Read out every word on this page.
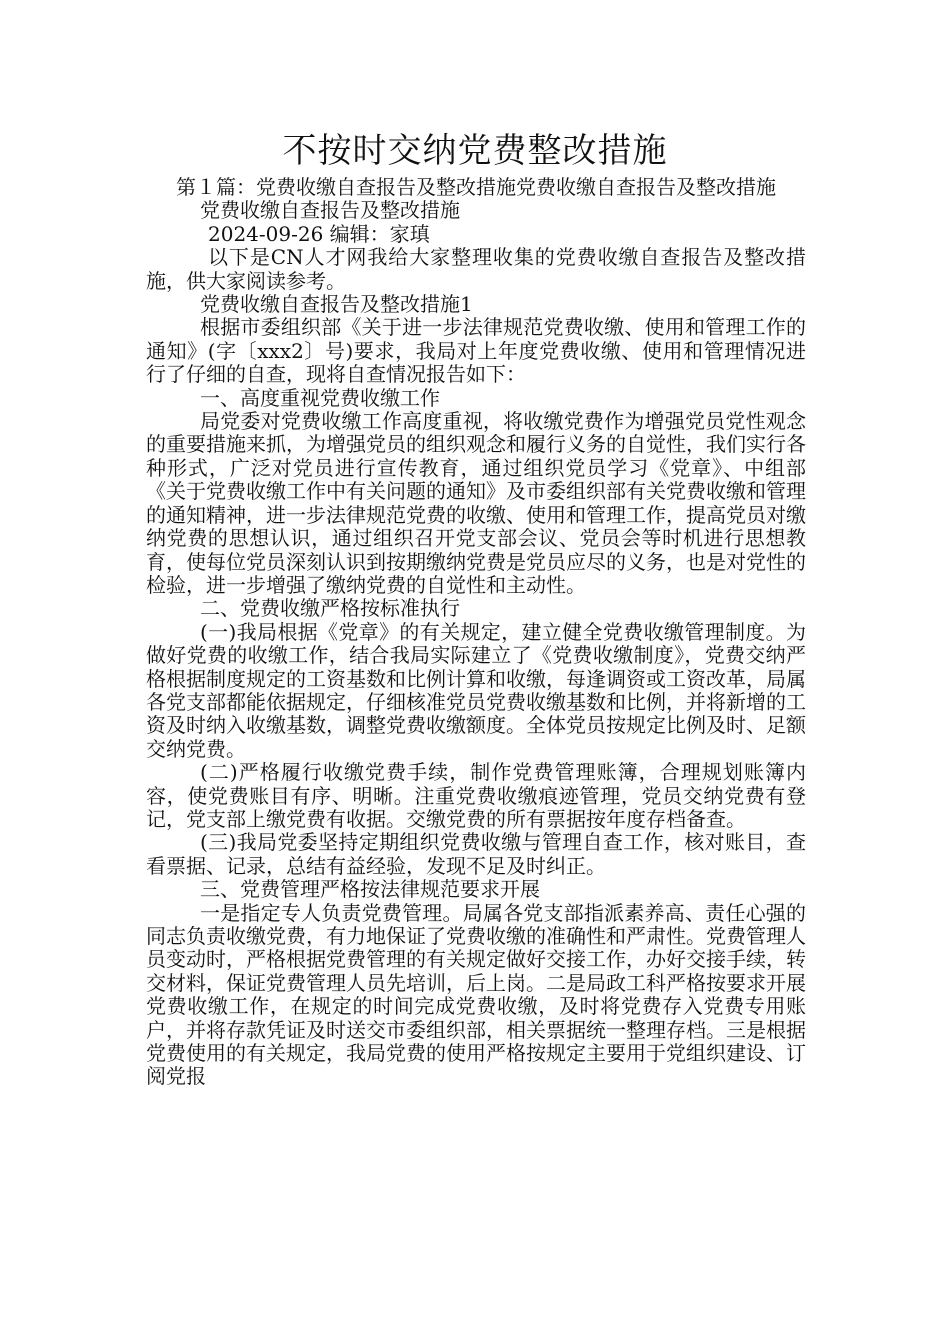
不按时交纳党费整改措施

第１篇：党费收缴自查报告及整改措施党费收缴自查报告及整改措施

党费收缴自查报告及整改措施

2024-09-26 编辑：家瑱

以下是CN人才网我给大家整理收集的党费收缴自查报告及整改措施，供大家阅读参考。

党费收缴自查报告及整改措施1

根据市委组织部《关于进一步法律规范党费收缴、使用和管理工作的通知》(字〔xxx2〕号)要求，我局对上年度党费收缴、使用和管理情况进行了仔细的自查，现将自查情况报告如下：

一、高度重视党费收缴工作

局党委对党费收缴工作高度重视，将收缴党费作为增强党员党性观念的重要措施来抓，为增强党员的组织观念和履行义务的自觉性，我们实行各种形式，广泛对党员进行宣传教育，通过组织党员学习《党章》、中组部《关于党费收缴工作中有关问题的通知》及市委组织部有关党费收缴和管理的通知精神，进一步法律规范党费的收缴、使用和管理工作，提高党员对缴纳党费的思想认识，通过组织召开党支部会议、党员会等时机进行思想教育，使每位党员深刻认识到按期缴纳党费是党员应尽的义务，也是对党性的检验，进一步增强了缴纳党费的自觉性和主动性。

二、党费收缴严格按标准执行

(一)我局根据《党章》的有关规定，建立健全党费收缴管理制度。为做好党费的收缴工作，结合我局实际建立了《党费收缴制度》，党费交纳严格根据制度规定的工资基数和比例计算和收缴，每逢调资或工资改革，局属各党支部都能依据规定，仔细核准党员党费收缴基数和比例，并将新增的工资及时纳入收缴基数，调整党费收缴额度。全体党员按规定比例及时、足额交纳党费。

(二)严格履行收缴党费手续，制作党费管理账簿，合理规划账簿内容，使党费账目有序、明晰。注重党费收缴痕迹管理，党员交纳党费有登记，党支部上缴党费有收据。交缴党费的所有票据按年度存档备查。

(三)我局党委坚持定期组织党费收缴与管理自查工作，核对账目，查看票据、记录，总结有益经验，发现不足及时纠正。

三、党费管理严格按法律规范要求开展

一是指定专人负责党费管理。局属各党支部指派素养高、责任心强的同志负责收缴党费，有力地保证了党费收缴的准确性和严肃性。党费管理人员变动时，严格根据党费管理的有关规定做好交接工作，办好交接手续，转交材料，保证党费管理人员先培训，后上岗。二是局政工科严格按要求开展党费收缴工作，在规定的时间完成党费收缴，及时将党费存入党费专用账户，并将存款凭证及时送交市委组织部，相关票据统一整理存档。三是根据党费使用的有关规定，我局党费的使用严格按规定主要用于党组织建设、订阅党报
